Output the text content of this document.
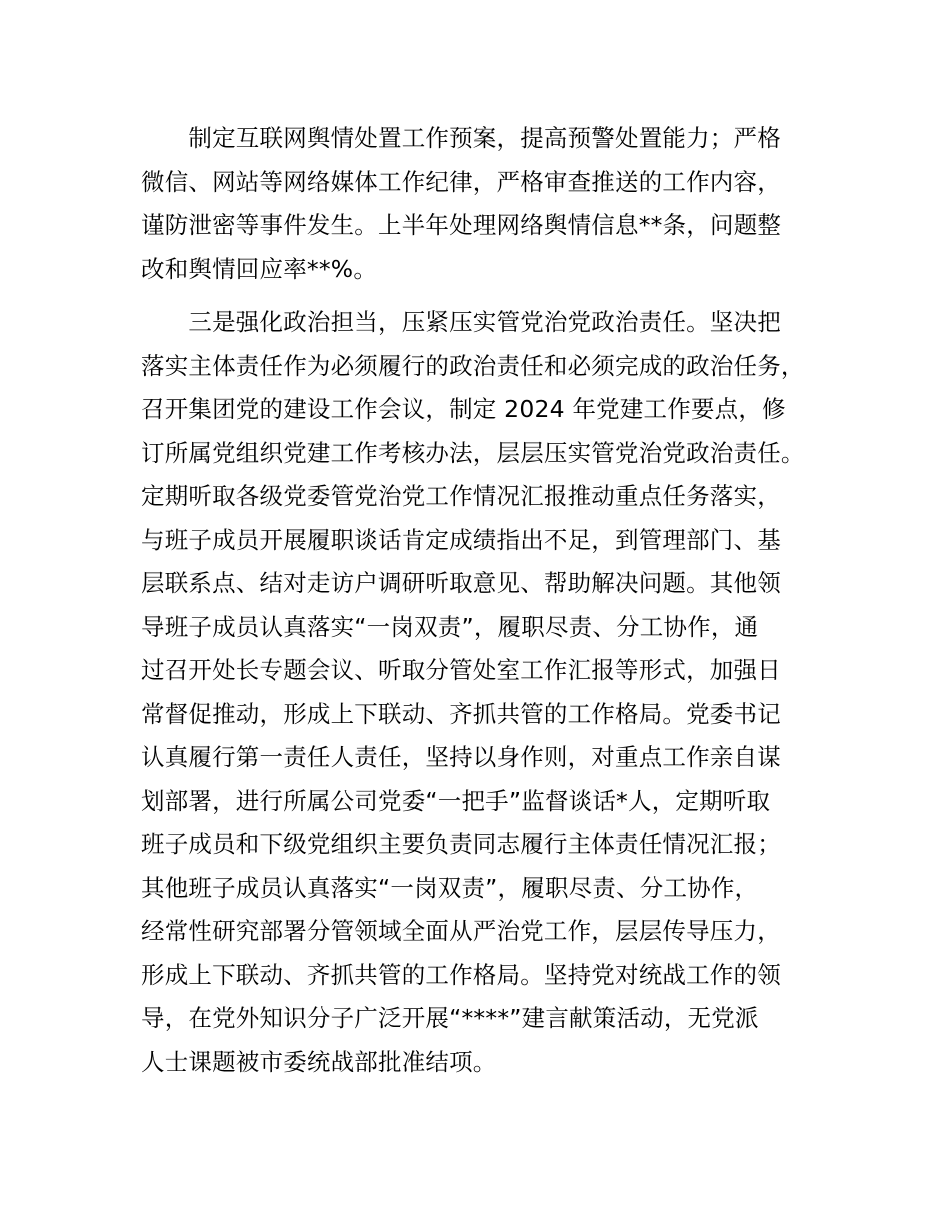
　　制定互联网舆情处置工作预案，提高预警处置能力；严格
微信、网站等网络媒体工作纪律，严格审查推送的工作内容，
谨防泄密等事件发生。上半年处理网络舆情信息**条，问题整
改和舆情回应率**%。
　　三是强化政治担当，压紧压实管党治党政治责任。坚决把
落实主体责任作为必须履行的政治责任和必须完成的政治任务，
召开集团党的建设工作会议，制定 2024 年党建工作要点，修
订所属党组织党建工作考核办法，层层压实管党治党政治责任。
定期听取各级党委管党治党工作情况汇报推动重点任务落实，
与班子成员开展履职谈话肯定成绩指出不足，到管理部门、基
层联系点、结对走访户调研听取意见、帮助解决问题。其他领
导班子成员认真落实“一岗双责”，履职尽责、分工协作，通
过召开处长专题会议、听取分管处室工作汇报等形式，加强日
常督促推动，形成上下联动、齐抓共管的工作格局。党委书记
认真履行第一责任人责任，坚持以身作则，对重点工作亲自谋
划部署，进行所属公司党委“一把手”监督谈话*人，定期听取
班子成员和下级党组织主要负责同志履行主体责任情况汇报；
其他班子成员认真落实“一岗双责”，履职尽责、分工协作，
经常性研究部署分管领域全面从严治党工作，层层传导压力，
形成上下联动、齐抓共管的工作格局。坚持党对统战工作的领
导，在党外知识分子广泛开展“****”建言献策活动，无党派
人士课题被市委统战部批准结项。
